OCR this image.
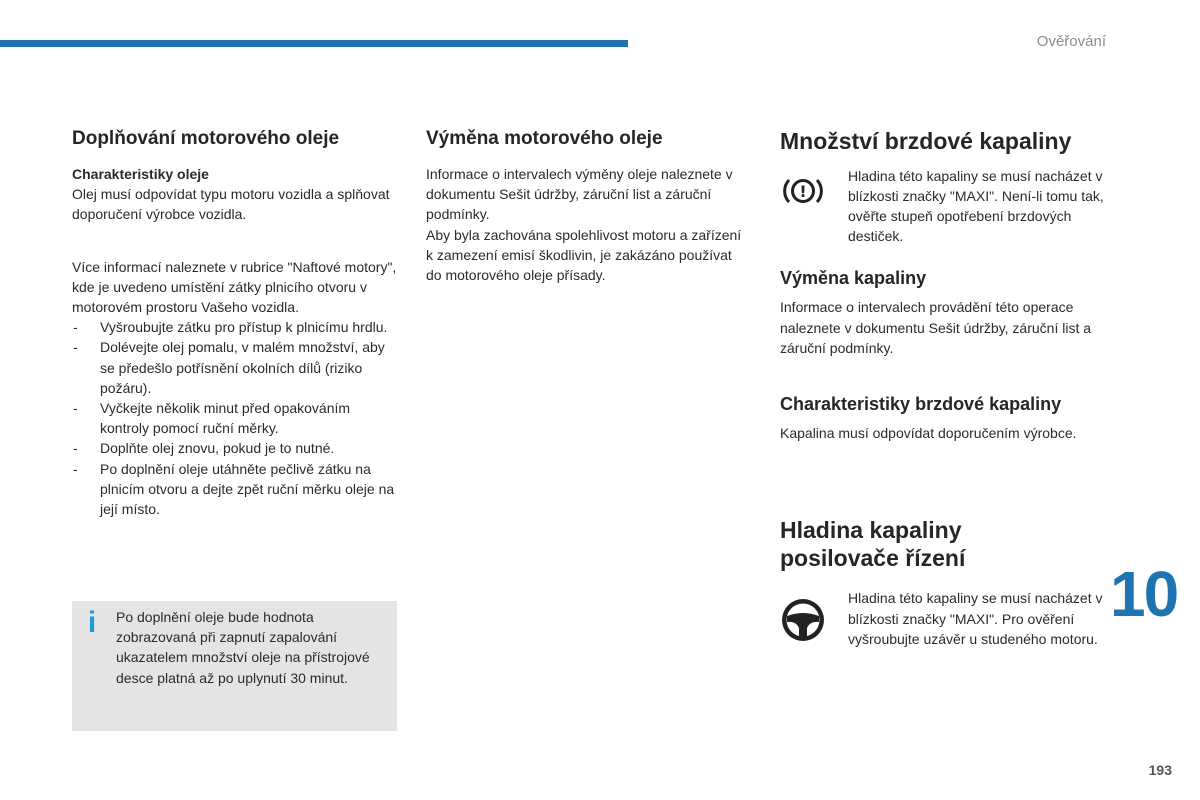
Ověřování
Doplňování motorového oleje

Charakteristiky oleje

Olej musí odpovídat typu motoru vozidla a splňovat doporučení výrobce vozidla.

Více informací naleznete v rubrice "Naftové motory", kde je uvedeno umístění zátky plnicího otvoru v motorovém prostoru Vašeho vozidla.

- Vyšroubujte zátku pro přístup k plnicímu hrdlu.
- Dolévejte olej pomalu, v malém množství, aby se předešlo potřísnění okolních dílů (riziko požáru).
- Vyčkejte několik minut před opakováním kontroly pomocí ruční měrky.
- Doplňte olej znovu, pokud je to nutné.
- Po doplnění oleje utáhněte pečlivě zátku na plnicím otvoru a dejte zpět ruční měrku oleje na její místo.
i Po doplnění oleje bude hodnota zobrazovaná při zapnutí zapalování ukazatelem množství oleje na přístrojové desce platná až po uplynutí 30 minut.
Výměna motorového oleje

Informace o intervalech výměny oleje naleznete v dokumentu Sešit údržby, záruční list a záruční podmínky.

Aby byla zachována spolehlivost motoru a zařízení k zamezení emisí škodlivin, je zakázáno používat do motorového oleje přísady.

Množství brzdové kapaliny
!

Hladina této kapaliny se musí nacházet v blízkosti značky "MAXI". Není-li tomu tak, ověřte stupeň opotřebení brzdových destiček.

Výměna kapaliny

Informace o intervalech provádění této operace naleznete v dokumentu Sešit údržby, záruční list a záruční podmínky.

Charakteristiky brzdové kapaliny

Kapalina musí odpovídat doporučením výrobce.

Hladina kapaliny
posilovače řízení

Hladina této kapaliny se musí nacházet v blízkosti značky "MAXI". Pro ověření vyšroubujte uzávěr u studeného motoru.

10
193
